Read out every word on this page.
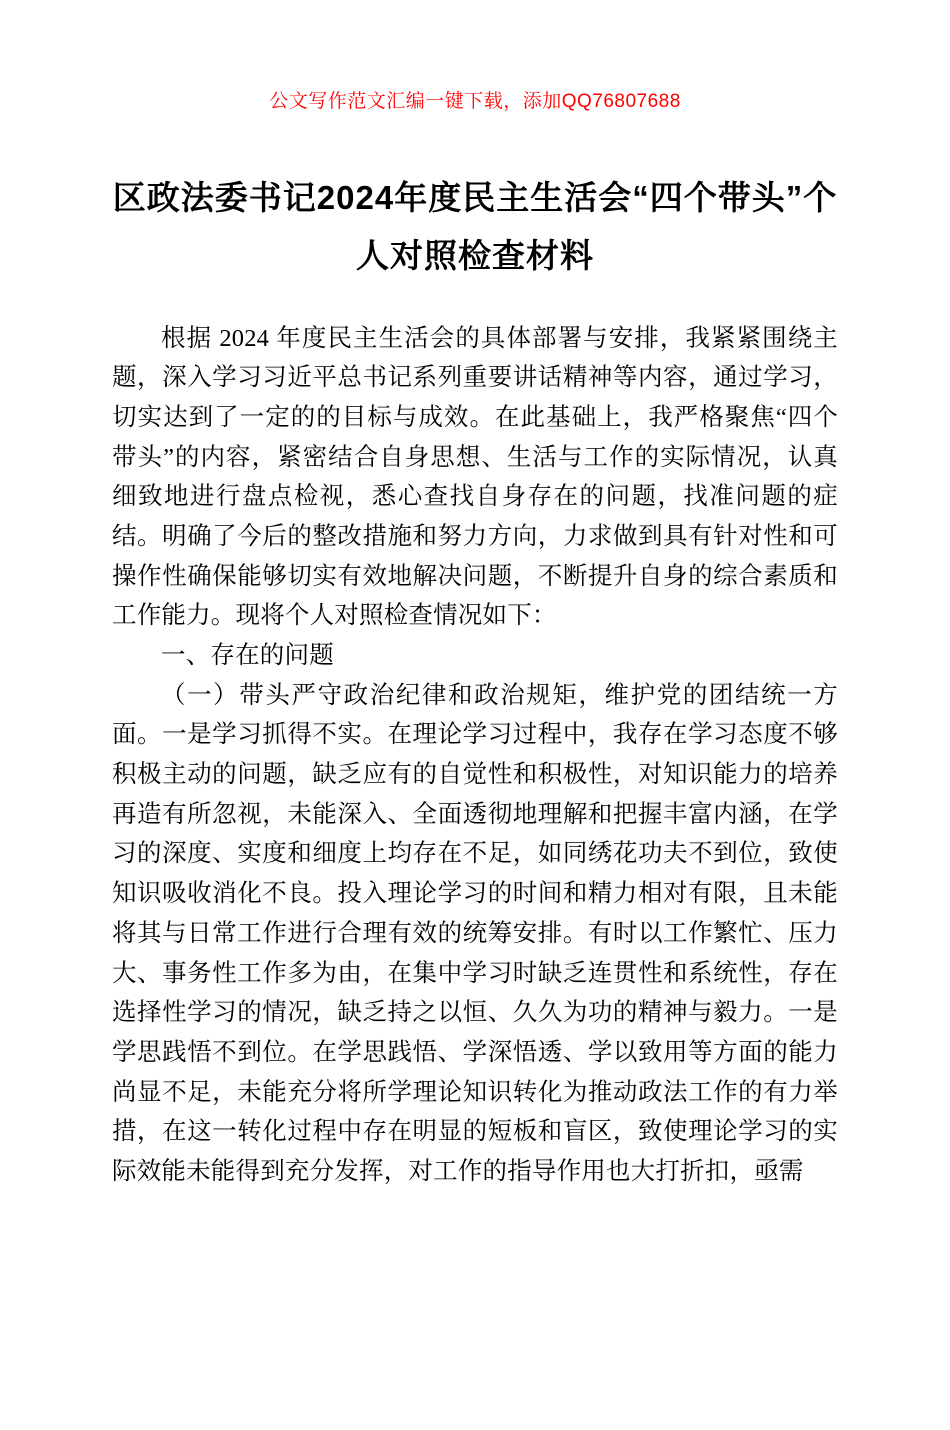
公文写作范文汇编一键下载，添加QQ76807688
区政法委书记2024年度民主生活会“四个带头”个人对照检查材料

根据 2024 年度民主生活会的具体部署与安排，我紧紧围绕主题，深入学习习近平总书记系列重要讲话精神等内容，通过学习，切实达到了一定的的目标与成效。在此基础上，我严格聚焦“四个带头”的内容，紧密结合自身思想、生活与工作的实际情况，认真细致地进行盘点检视，悉心查找自身存在的问题，找准问题的症结。明确了今后的整改措施和努力方向，力求做到具有针对性和可操作性确保能够切实有效地解决问题，不断提升自身的综合素质和工作能力。现将个人对照检查情况如下：

一、存在的问题

（一）带头严守政治纪律和政治规矩，维护党的团结统一方面。一是学习抓得不实。在理论学习过程中，我存在学习态度不够积极主动的问题，缺乏应有的自觉性和积极性，对知识能力的培养再造有所忽视，未能深入、全面透彻地理解和把握丰富内涵，在学习的深度、实度和细度上均存在不足，如同绣花功夫不到位，致使知识吸收消化不良。投入理论学习的时间和精力相对有限，且未能将其与日常工作进行合理有效的统筹安排。有时以工作繁忙、压力大、事务性工作多为由，在集中学习时缺乏连贯性和系统性，存在选择性学习的情况，缺乏持之以恒、久久为功的精神与毅力。一是学思践悟不到位。在学思践悟、学深悟透、学以致用等方面的能力尚显不足，未能充分将所学理论知识转化为推动政法工作的有力举措，在这一转化过程中存在明显的短板和盲区，致使理论学习的实际效能未能得到充分发挥，对工作的指导作用也大打折扣，亟需
